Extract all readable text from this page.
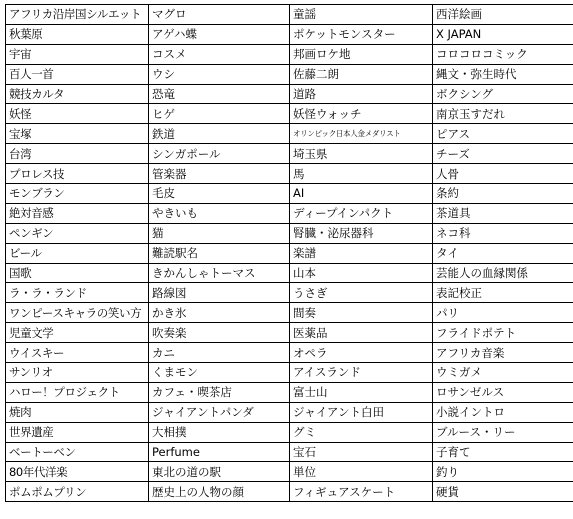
アフリカ沿岸国シルエット	マグロ	童謡	西洋絵画
秋葉原	アゲハ蝶	ポケットモンスター	X JAPAN
宇宙	コスメ	邦画ロケ地	コロコロコミック
百人一首	ウシ	佐藤二朗	縄文・弥生時代
競技カルタ	恐竜	道路	ボクシング
妖怪	ヒゲ	妖怪ウォッチ	南京玉すだれ
宝塚	鉄道	オリンピック日本人金メダリスト	ピアス
台湾	シンガポール	埼玉県	チーズ
プロレス技	管楽器	馬	人骨
モンブラン	毛皮	AI	条約
絶対音感	やきいも	ディープインパクト	茶道具
ペンギン	猫	腎臓・泌尿器科	ネコ科
ビール	難読駅名	楽譜	タイ
国歌	きかんしゃトーマス	山本	芸能人の血縁関係
ラ・ラ・ランド	路線図	うさぎ	表記校正
ワンピースキャラの笑い方	かき氷	間奏	パリ
児童文学	吹奏楽	医薬品	フライドポテト
ウイスキー	カニ	オペラ	アフリカ音楽
サンリオ	くまモン	アイスランド	ウミガメ
ハロー！プロジェクト	カフェ・喫茶店	富士山	ロサンゼルス
焼肉	ジャイアントパンダ	ジャイアント白田	小説イントロ
世界遺産	大相撲	グミ	ブルース・リー
ベートーベン	Perfume	宝石	子育て
80年代洋楽	東北の道の駅	単位	釣り
ポムポムプリン	歴史上の人物の顔	フィギュアスケート	硬貨
